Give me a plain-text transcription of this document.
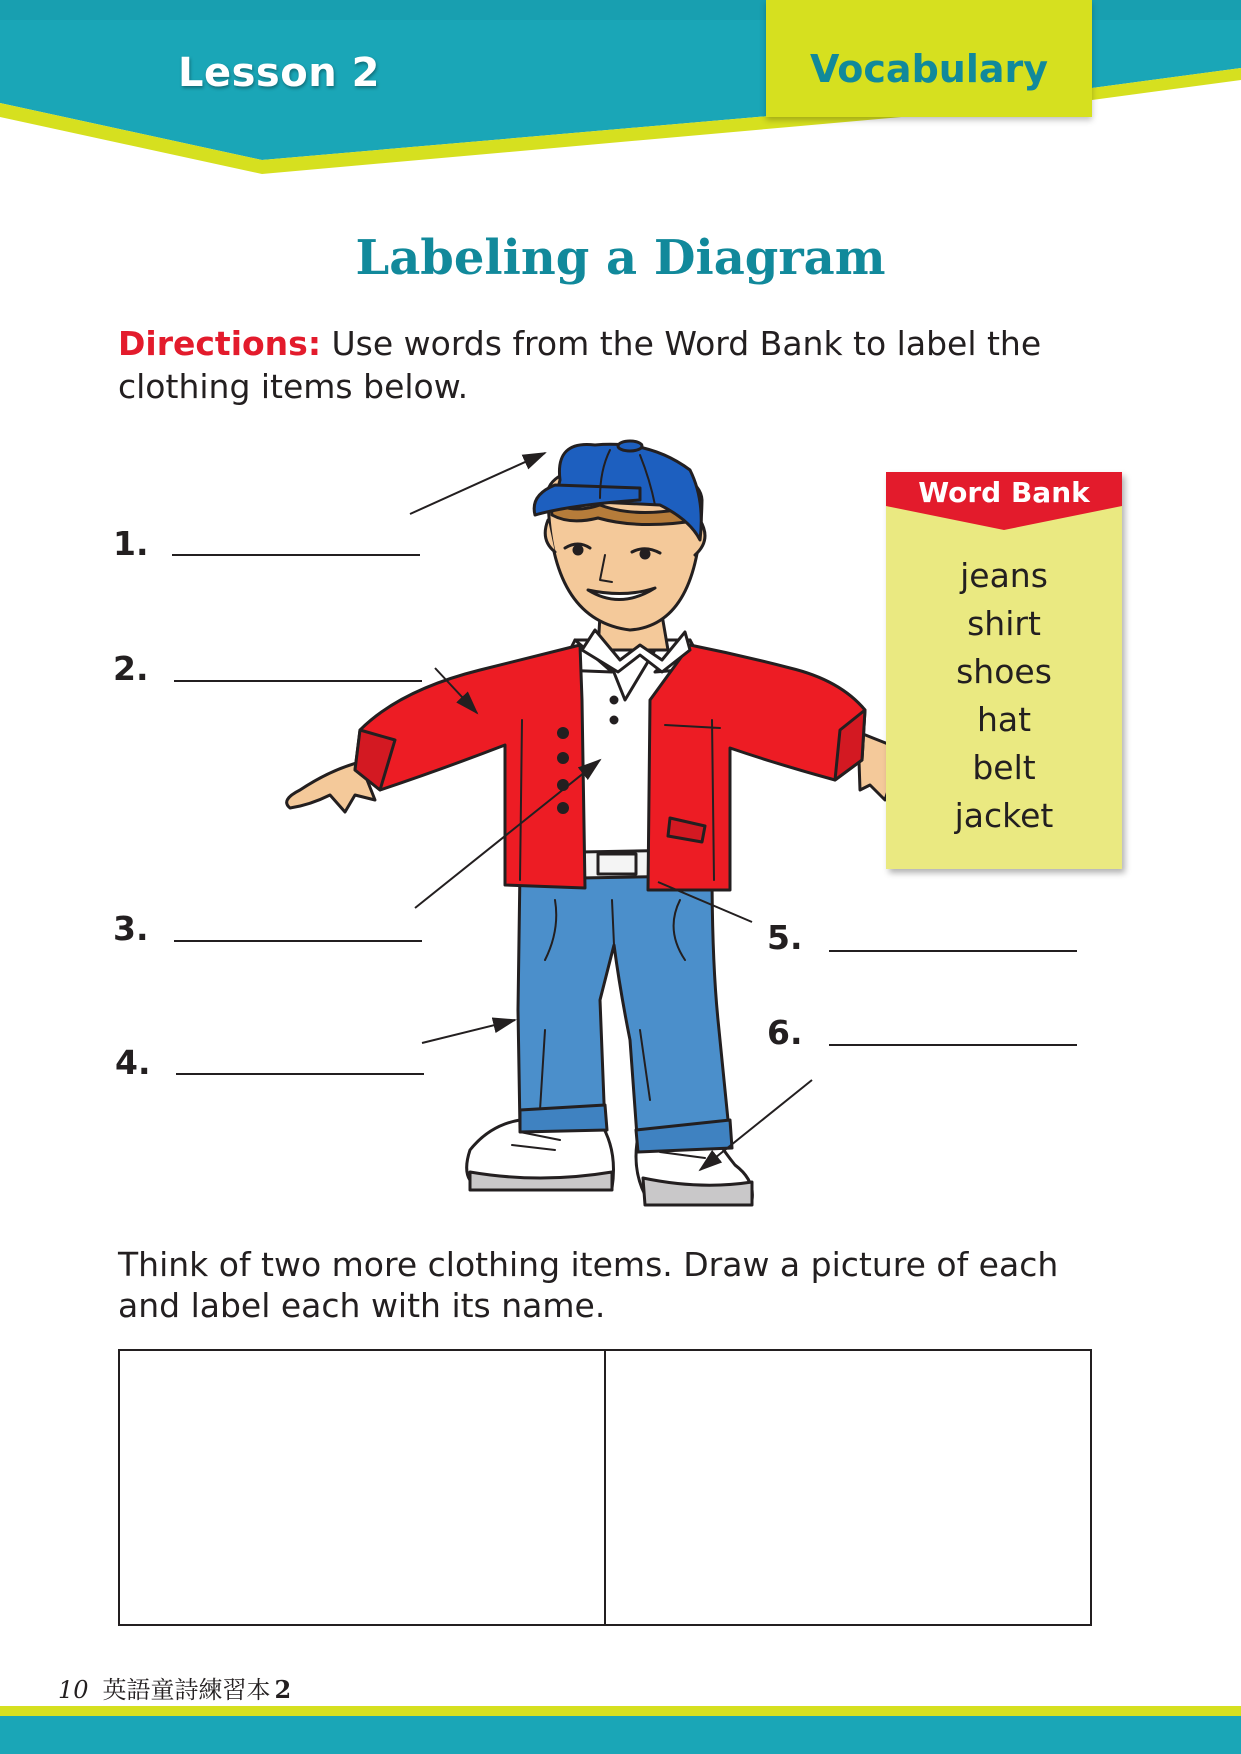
Lesson 2	Vocabulary
Labeling a Diagram
Directions: Use words from the Word Bank to label the clothing items below.
1.
2.
3.
4.
5.
6.
Word Bank
jeans
shirt
shoes
hat
belt
jacket
Think of two more clothing items. Draw a picture of each and label each with its name.
10 英語童詩練習本 2
